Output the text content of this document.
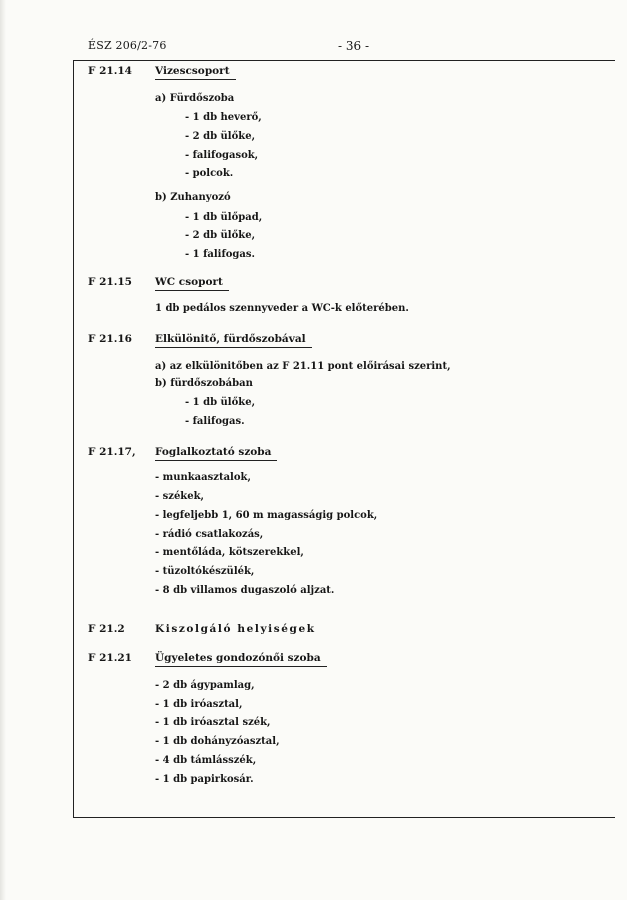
ÉSZ 206/2-76	- 36 -
F 21.14 Vizescsoport
a) Fürdőszoba
- 1 db heverő,
- 2 db ülőke,
- falifogasok,
- polcok.
b) Zuhanyozó
- 1 db ülőpad,
- 2 db ülőke,
- 1 falifogas.
F 21.15 WC csoport
1 db pedálos szennyveder a WC-k előterében.
F 21.16 Elkülönitő, fürdőszobával
a) az elkülönitőben az F 21.11 pont előirásai szerint,
b) fürdőszobában
- 1 db ülőke,
- falifogas.
F 21.17, Foglalkoztató szoba
- munkaasztalok,
- székek,
- legfeljebb 1, 60 m magasságig polcok,
- rádió csatlakozás,
- mentőláda, kötszerekkel,
- tüzoltókészülék,
- 8 db villamos dugaszoló aljzat.
F 21.2	Kiszolgáló helyiségek
F 21.21 Ügyeletes gondozónői szoba
- 2 db ágypamlag,
- 1 db iróasztal,
- 1 db iróasztal szék,
- 1 db dohányzóasztal,
- 4 db támlásszék,
- 1 db papirkosár.
